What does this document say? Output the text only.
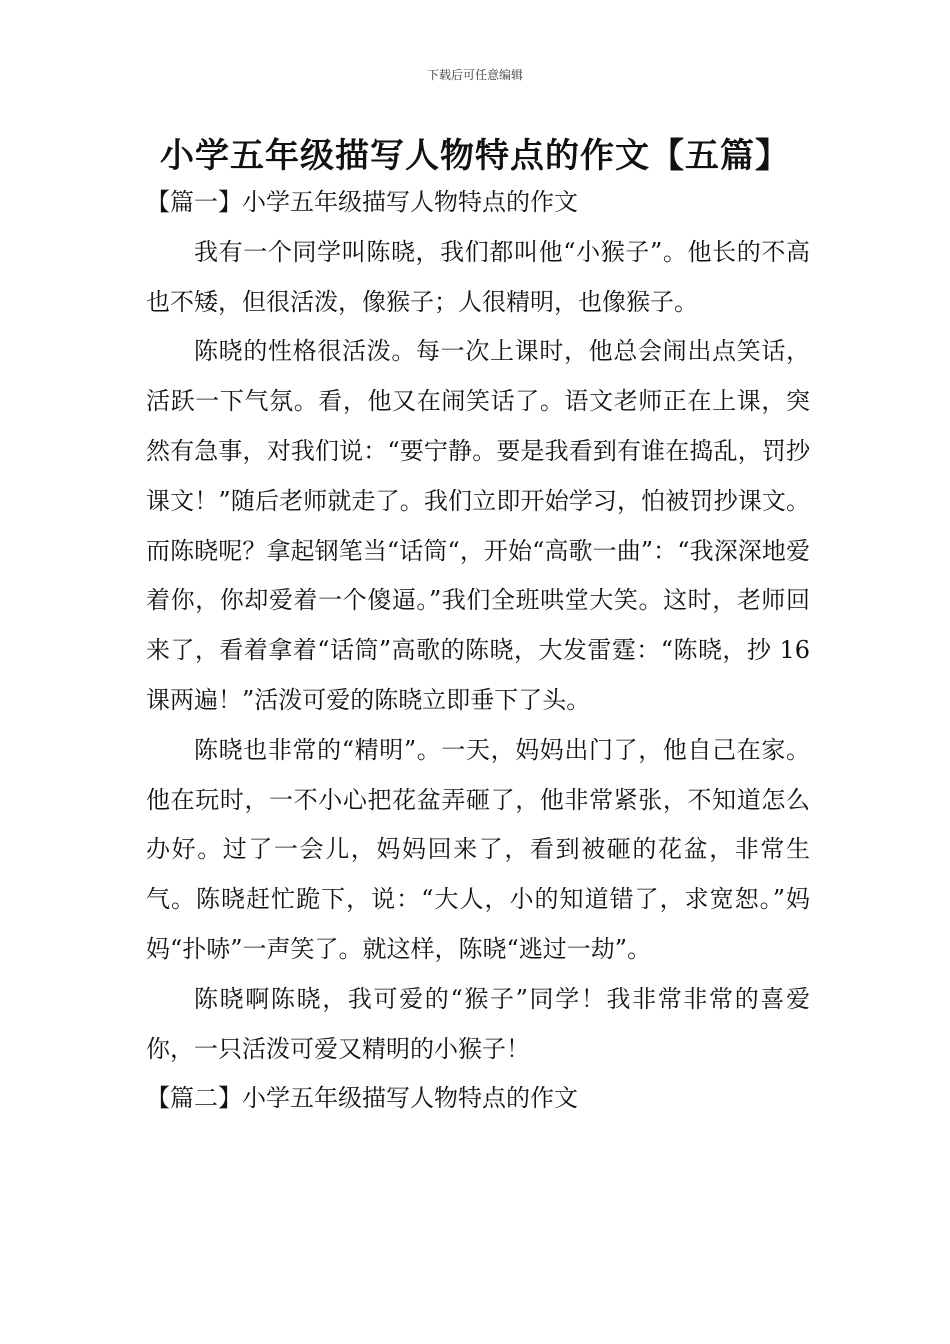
下载后可任意编辑
小学五年级描写人物特点的作文【五篇】

【篇一】小学五年级描写人物特点的作文

我有一个同学叫陈晓，我们都叫他“小猴子”。他长的不高也不矮，但很活泼，像猴子；人很精明，也像猴子。

陈晓的性格很活泼。每一次上课时，他总会闹出点笑话，活跃一下气氛。看，他又在闹笑话了。语文老师正在上课，突然有急事，对我们说：“要宁静。要是我看到有谁在捣乱，罚抄课文！”随后老师就走了。我们立即开始学习，怕被罚抄课文。而陈晓呢？拿起钢笔当“话筒“，开始“高歌一曲”：“我深深地爱着你，你却爱着一个傻逼。”我们全班哄堂大笑。这时，老师回来了，看着拿着“话筒”高歌的陈晓，大发雷霆：“陈晓，抄 16 课两遍！”活泼可爱的陈晓立即垂下了头。

陈晓也非常的“精明”。一天，妈妈出门了，他自己在家。他在玩时，一不小心把花盆弄砸了，他非常紧张，不知道怎么办好。过了一会儿，妈妈回来了，看到被砸的花盆，非常生气。陈晓赶忙跪下，说：“大人，小的知道错了，求宽恕。”妈妈“扑哧”一声笑了。就这样，陈晓“逃过一劫”。

陈晓啊陈晓，我可爱的“猴子”同学！我非常非常的喜爱你，一只活泼可爱又精明的小猴子！

【篇二】小学五年级描写人物特点的作文
